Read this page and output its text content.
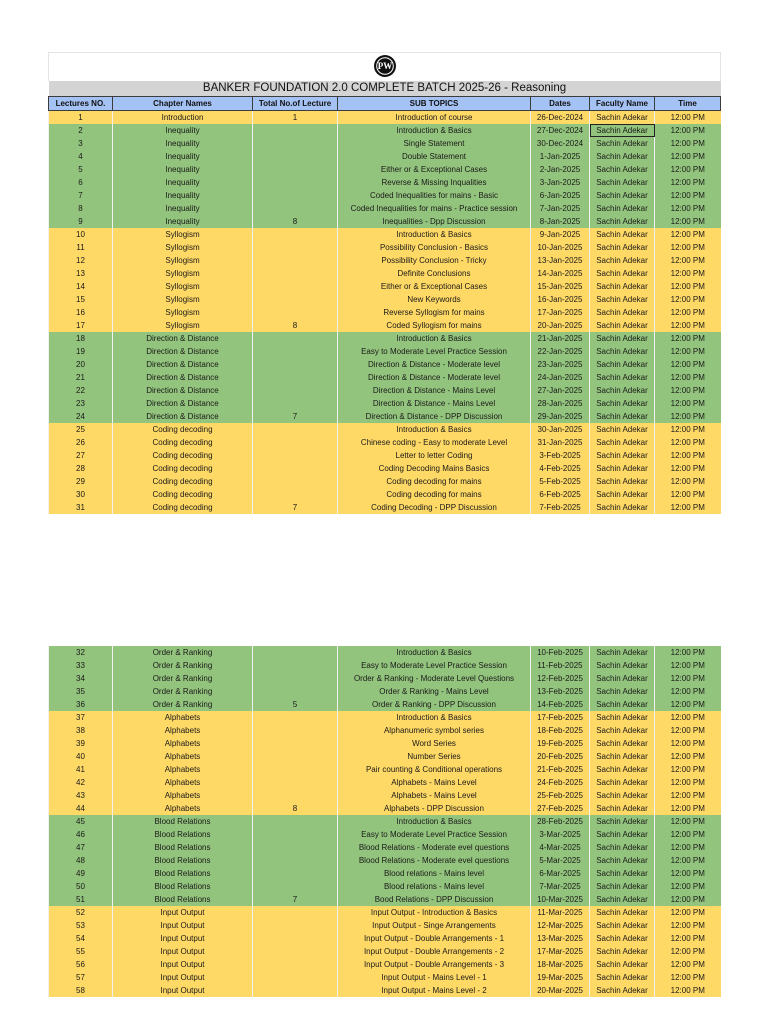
PW						

BANKER FOUNDATION 2.0 COMPLETE BATCH 2025-26 - Reasoning						
Lectures NO.	Chapter Names	Total No.of Lecture	SUB TOPICS	Dates	Faculty Name	Time
1	Introduction	1	Introduction of course	26-Dec-2024	Sachin Adekar	12:00 PM
2	Inequality		Introduction & Basics	27-Dec-2024	Sachin Adekar	12:00 PM
3	Inequality		Single Statement	30-Dec-2024	Sachin Adekar	12:00 PM
4	Inequality		Double Statement	1-Jan-2025	Sachin Adekar	12:00 PM
5	Inequality		Either or & Exceptional Cases	2-Jan-2025	Sachin Adekar	12:00 PM
6	Inequality		Reverse & Missing Inqualities	3-Jan-2025	Sachin Adekar	12:00 PM
7	Inequality		Coded Inequalities for mains - Basic	6-Jan-2025	Sachin Adekar	12:00 PM
8	Inequality		Coded Inequalities for mains - Practice session	7-Jan-2025	Sachin Adekar	12:00 PM
9	Inequality	8	Inequalities - Dpp Discussion	8-Jan-2025	Sachin Adekar	12:00 PM
10	Syllogism		Introduction & Basics	9-Jan-2025	Sachin Adekar	12:00 PM
11	Syllogism		Possibility Conclusion - Basics	10-Jan-2025	Sachin Adekar	12:00 PM
12	Syllogism		Possibility Conclusion - Tricky	13-Jan-2025	Sachin Adekar	12:00 PM
13	Syllogism		Definite Conclusions	14-Jan-2025	Sachin Adekar	12:00 PM
14	Syllogism		Either or & Exceptional Cases	15-Jan-2025	Sachin Adekar	12:00 PM
15	Syllogism		New Keywords	16-Jan-2025	Sachin Adekar	12:00 PM
16	Syllogism		Reverse Syllogism for mains	17-Jan-2025	Sachin Adekar	12:00 PM
17	Syllogism	8	Coded Syllogism for mains	20-Jan-2025	Sachin Adekar	12:00 PM
18	Direction & Distance		Introduction & Basics	21-Jan-2025	Sachin Adekar	12:00 PM
19	Direction & Distance		Easy to Moderate Level Practice Session	22-Jan-2025	Sachin Adekar	12:00 PM
20	Direction & Distance		Direction & Distance - Moderate level	23-Jan-2025	Sachin Adekar	12:00 PM
21	Direction & Distance		Direction & Distance - Moderate level	24-Jan-2025	Sachin Adekar	12:00 PM
22	Direction & Distance		Direction & Distance - Mains Level	27-Jan-2025	Sachin Adekar	12:00 PM
23	Direction & Distance		Direction & Distance - Mains Level	28-Jan-2025	Sachin Adekar	12:00 PM
24	Direction & Distance	7	Direction & Distance - DPP Discussion	29-Jan-2025	Sachin Adekar	12:00 PM
25	Coding decoding		Introduction & Basics	30-Jan-2025	Sachin Adekar	12:00 PM
26	Coding decoding		Chinese coding - Easy to moderate Level	31-Jan-2025	Sachin Adekar	12:00 PM
27	Coding decoding		Letter to letter Coding	3-Feb-2025	Sachin Adekar	12:00 PM
28	Coding decoding		Coding Decoding Mains Basics	4-Feb-2025	Sachin Adekar	12:00 PM
29	Coding decoding		Coding decoding for mains	5-Feb-2025	Sachin Adekar	12:00 PM
30	Coding decoding		Coding decoding for mains	6-Feb-2025	Sachin Adekar	12:00 PM
31	Coding decoding	7	Coding Decoding - DPP Discussion	7-Feb-2025	Sachin Adekar	12:00 PM
32	Order & Ranking		Introduction & Basics	10-Feb-2025	Sachin Adekar	12:00 PM
33	Order & Ranking		Easy to Moderate Level Practice Session	11-Feb-2025	Sachin Adekar	12:00 PM
34	Order & Ranking		Order & Ranking - Moderate Level Questions	12-Feb-2025	Sachin Adekar	12:00 PM
35	Order & Ranking		Order & Ranking - Mains Level	13-Feb-2025	Sachin Adekar	12:00 PM
36	Order & Ranking	5	Order & Ranking - DPP Discussion	14-Feb-2025	Sachin Adekar	12:00 PM
37	Alphabets		Introduction & Basics	17-Feb-2025	Sachin Adekar	12:00 PM
38	Alphabets		Alphanumeric symbol series	18-Feb-2025	Sachin Adekar	12:00 PM
39	Alphabets		Word Series	19-Feb-2025	Sachin Adekar	12:00 PM
40	Alphabets		Number Series	20-Feb-2025	Sachin Adekar	12:00 PM
41	Alphabets		Pair counting & Conditional operations	21-Feb-2025	Sachin Adekar	12:00 PM
42	Alphabets		Alphabets - Mains Level	24-Feb-2025	Sachin Adekar	12:00 PM
43	Alphabets		Alphabets - Mains Level	25-Feb-2025	Sachin Adekar	12:00 PM
44	Alphabets	8	Alphabets - DPP Discussion	27-Feb-2025	Sachin Adekar	12:00 PM
45	Blood Relations		Introduction & Basics	28-Feb-2025	Sachin Adekar	12:00 PM
46	Blood Relations		Easy to Moderate Level Practice Session	3-Mar-2025	Sachin Adekar	12:00 PM
47	Blood Relations		Blood Relations - Moderate evel questions	4-Mar-2025	Sachin Adekar	12:00 PM
48	Blood Relations		Blood Relations - Moderate evel questions	5-Mar-2025	Sachin Adekar	12:00 PM
49	Blood Relations		Blood relations - Mains level	6-Mar-2025	Sachin Adekar	12:00 PM
50	Blood Relations		Blood relations - Mains level	7-Mar-2025	Sachin Adekar	12:00 PM
51	Blood Relations	7	Bood Relations - DPP Discussion	10-Mar-2025	Sachin Adekar	12:00 PM
52	Input Output		Input Output - Introduction & Basics	11-Mar-2025	Sachin Adekar	12:00 PM
53	Input Output		Input Output - Singe Arrangements	12-Mar-2025	Sachin Adekar	12:00 PM
54	Input Output		Input Output - Double Arrangements - 1	13-Mar-2025	Sachin Adekar	12:00 PM
55	Input Output		Input Output - Double Arrangements - 2	17-Mar-2025	Sachin Adekar	12:00 PM
56	Input Output		Input Output - Double Arrangements - 3	18-Mar-2025	Sachin Adekar	12:00 PM
57	Input Output		Input Output - Mains Level - 1	19-Mar-2025	Sachin Adekar	12:00 PM
58	Input Output		Input Output - Mains Level - 2	20-Mar-2025	Sachin Adekar	12:00 PM
